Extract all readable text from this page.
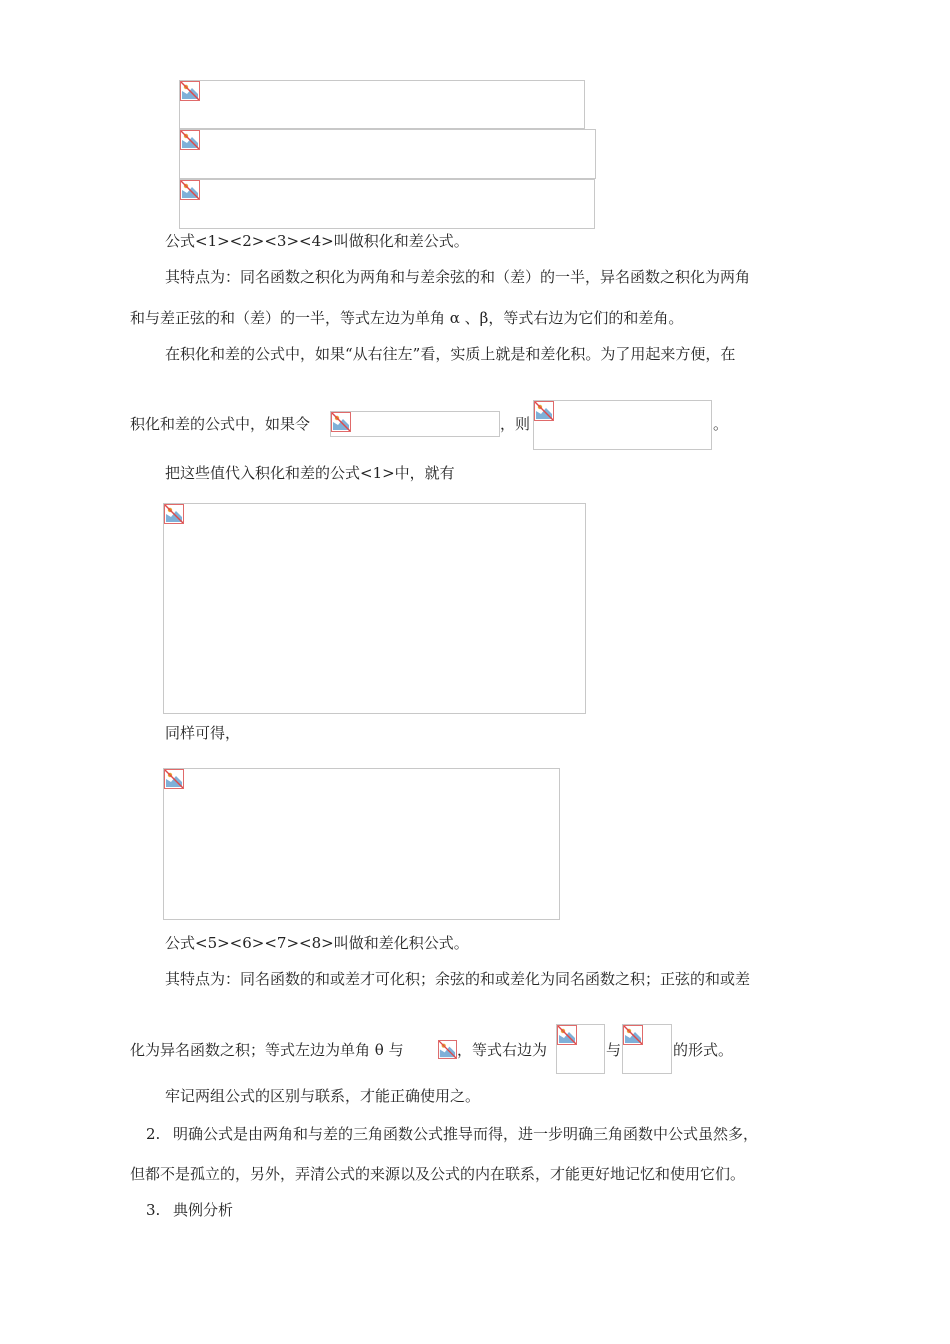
公式<1><2><3><4>叫做积化和差公式。
其特点为：同名函数之积化为两角和与差余弦的和（差）的一半，异名函数之积化为两角
和与差正弦的和（差）的一半，等式左边为单角 α 、β，等式右边为它们的和差角。
在积化和差的公式中，如果“从右往左”看，实质上就是和差化积。为了用起来方便，在
积化和差的公式中，如果令	，则	。
把这些值代入积化和差的公式<1>中，就有
同样可得，
公式<5><6><7><8>叫做和差化积公式。
其特点为：同名函数的和或差才可化积；余弦的和或差化为同名函数之积；正弦的和或差
化为异名函数之积；等式左边为单角 θ 与	，等式右边为	与	的形式。
牢记两组公式的区别与联系，才能正确使用之。
2. 明确公式是由两角和与差的三角函数公式推导而得，进一步明确三角函数中公式虽然多，
但都不是孤立的，另外，弄清公式的来源以及公式的内在联系，才能更好地记忆和使用它们。
3. 典例分析
